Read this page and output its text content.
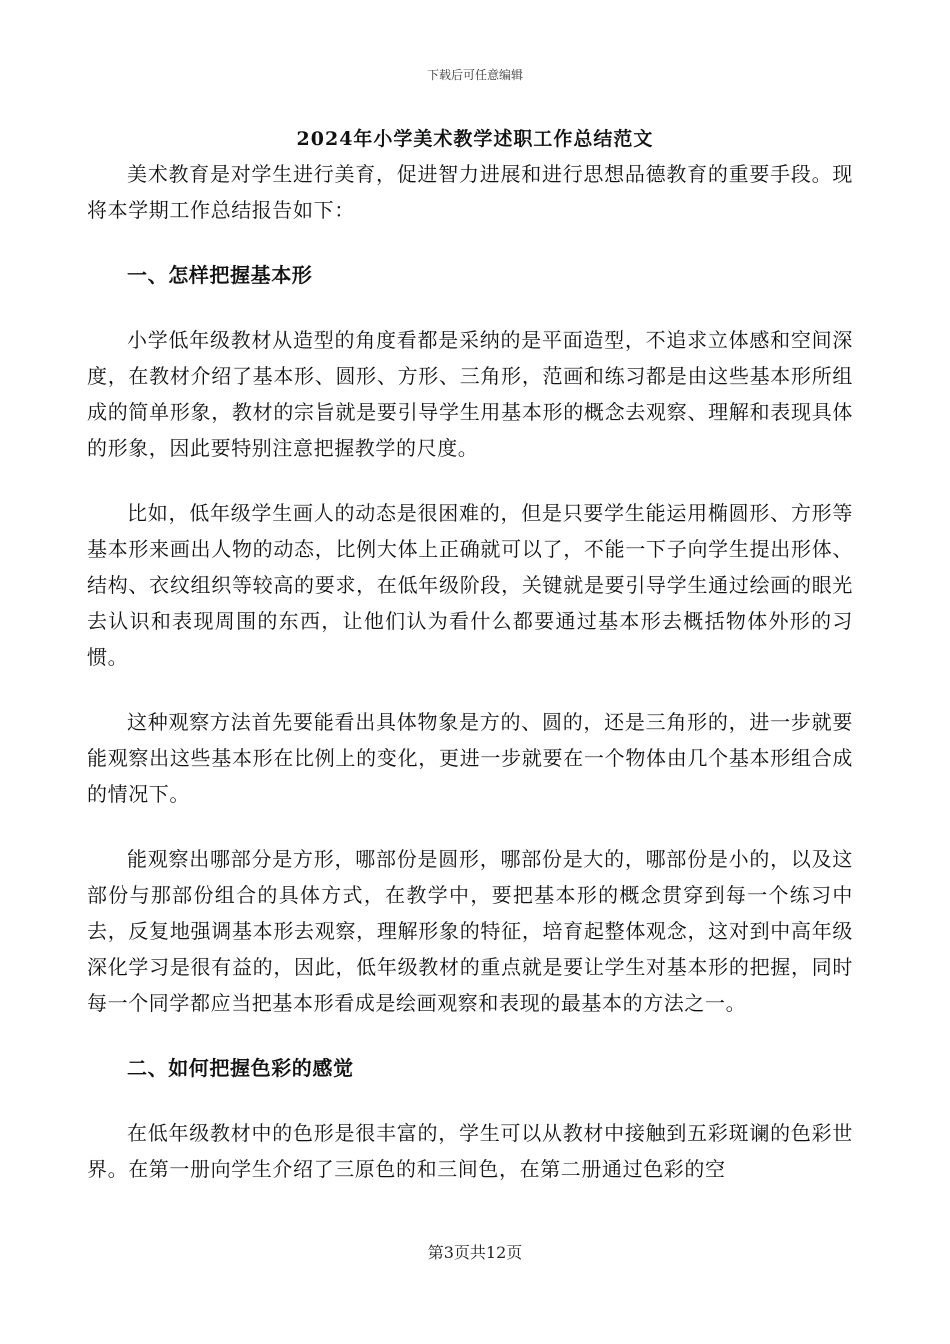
下载后可任意编辑
2024年小学美术教学述职工作总结范文

美术教育是对学生进行美育，促进智力进展和进行思想品德教育的重要手段。现将本学期工作总结报告如下：

一、怎样把握基本形

小学低年级教材从造型的角度看都是采纳的是平面造型，不追求立体感和空间深度，在教材介绍了基本形、圆形、方形、三角形，范画和练习都是由这些基本形所组成的简单形象，教材的宗旨就是要引导学生用基本形的概念去观察、理解和表现具体的形象，因此要特别注意把握教学的尺度。

比如，低年级学生画人的动态是很困难的，但是只要学生能运用椭圆形、方形等基本形来画出人物的动态，比例大体上正确就可以了，不能一下子向学生提出形体、结构、衣纹组织等较高的要求，在低年级阶段，关键就是要引导学生通过绘画的眼光去认识和表现周围的东西，让他们认为看什么都要通过基本形去概括物体外形的习惯。

这种观察方法首先要能看出具体物象是方的、圆的，还是三角形的，进一步就要能观察出这些基本形在比例上的变化，更进一步就要在一个物体由几个基本形组合成的情况下。

能观察出哪部分是方形，哪部份是圆形，哪部份是大的，哪部份是小的，以及这部份与那部份组合的具体方式，在教学中，要把基本形的概念贯穿到每一个练习中去，反复地强调基本形去观察，理解形象的特征，培育起整体观念，这对到中高年级深化学习是很有益的，因此，低年级教材的重点就是要让学生对基本形的把握，同时每一个同学都应当把基本形看成是绘画观察和表现的最基本的方法之一。

二、如何把握色彩的感觉

在低年级教材中的色形是很丰富的，学生可以从教材中接触到五彩斑谰的色彩世界。在第一册向学生介绍了三原色的和三间色，在第二册通过色彩的空

第3页共12页
